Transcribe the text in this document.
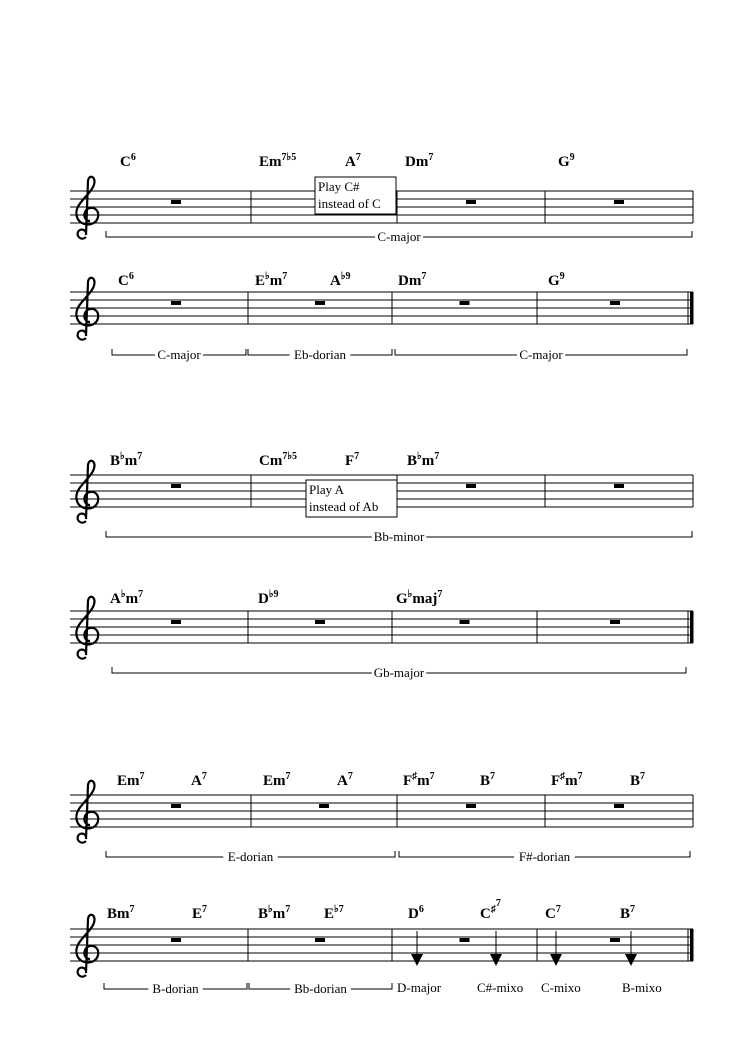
$C^6$	$Em^{7♭5}$	$A^7$	Dm$^7$	$G^9$
Play C#
instead of C
C-major
$C^6$	$E^♭m^7$	$A^{♭9}$	Dm$^7$	$G^9$
C-major	Eb-dorian	C-major
$B^♭m^7$	$Cm^{7♭5}$	$F^7$	$B^♭m^7$
Play A
instead of Ab
Bb-minor
$A^♭m^7$	$D^{♭9}$	G♭maj$^7$
Gb-major
Em$^7$	$A^7$	Em$^7$	$A^7$	$F^♯m^7$	$B^7$	$F^♯m^7$	$B^7$
E-dorian	F#-dorian
Bm$^7$	$E^7$	$B^♭m^7$ $E^{♭7}$	$D^6$	$C^{♯7}$
$C^7$	$B^7$
B-dorian	Bb-dorian	D-major	C#-mixo C-mixo	B-mixo
